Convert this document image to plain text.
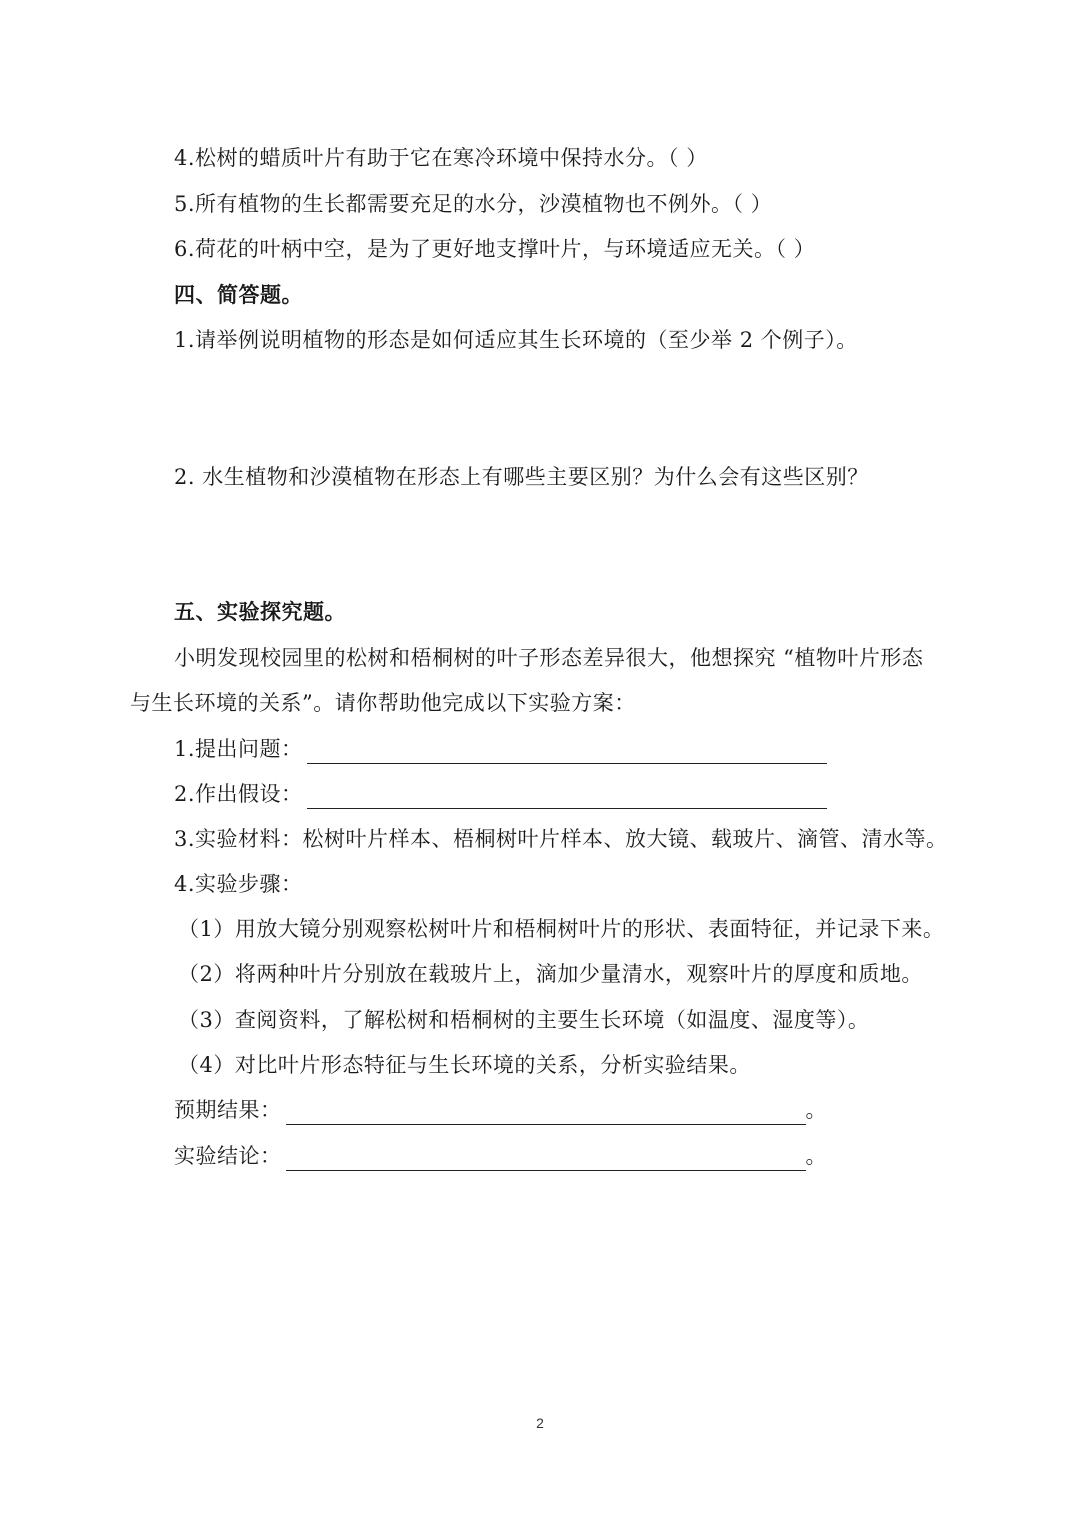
4.松树的蜡质叶片有助于它在寒冷环境中保持水分。（ ）
5.所有植物的生长都需要充足的水分，沙漠植物也不例外。（ ）
6.荷花的叶柄中空，是为了更好地支撑叶片，与环境适应无关。（ ）
四、简答题。
1.请举例说明植物的形态是如何适应其生长环境的（至少举 2 个例子）。
2. 水生植物和沙漠植物在形态上有哪些主要区别？为什么会有这些区别？
五、实验探究题。
小明发现校园里的松树和梧桐树的叶子形态差异很大，他想探究 “植物叶片形态
与生长环境的关系”。请你帮助他完成以下实验方案：
1.提出问题：
2.作出假设：
3.实验材料：松树叶片样本、梧桐树叶片样本、放大镜、载玻片、滴管、清水等。
4.实验步骤：
（1）用放大镜分别观察松树叶片和梧桐树叶片的形状、表面特征，并记录下来。
（2）将两种叶片分别放在载玻片上，滴加少量清水，观察叶片的厚度和质地。
（3）查阅资料，了解松树和梧桐树的主要生长环境（如温度、湿度等）。
（4）对比叶片形态特征与生长环境的关系，分析实验结果。
预期结果：	。
实验结论：	。
2
